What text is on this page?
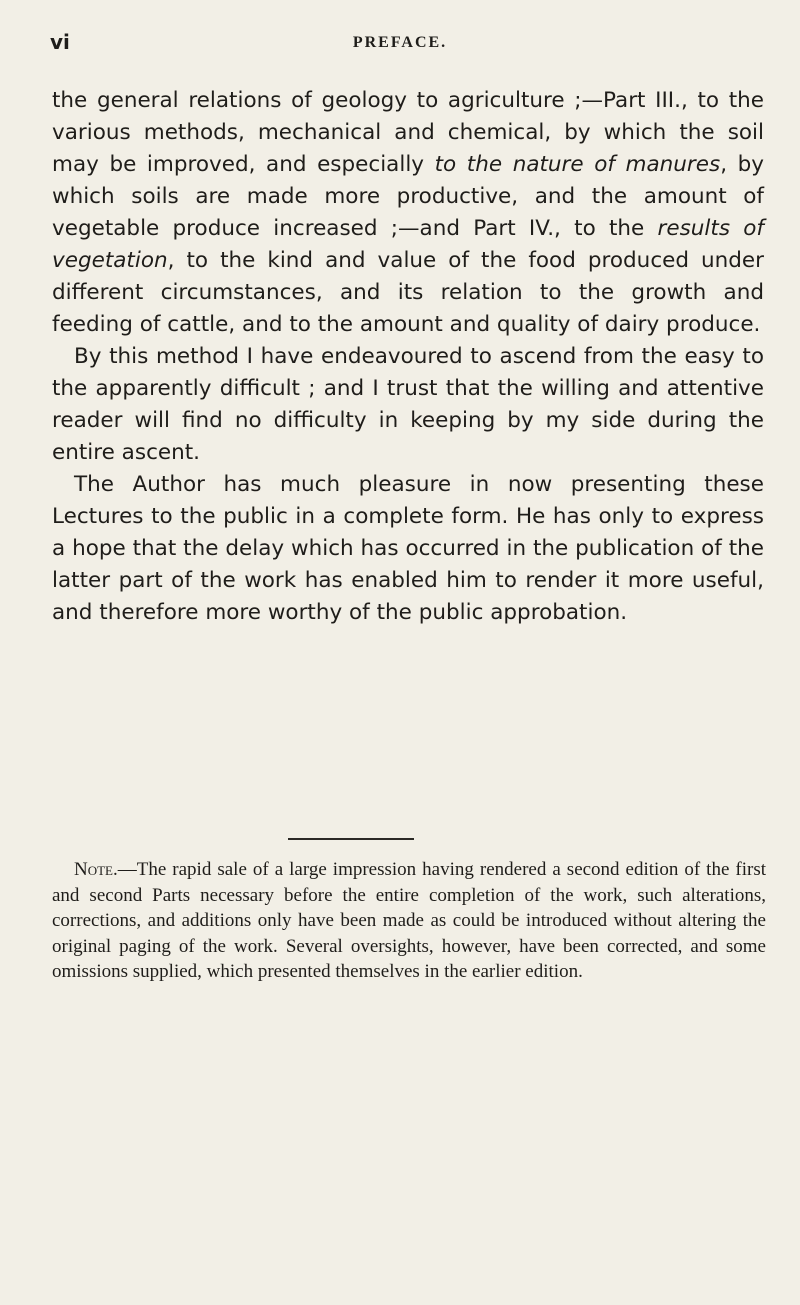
vi	PREFACE.

the general relations of geology to agriculture ;—Part III., to the various methods, mechanical and chemical, by which the soil may be improved, and especially to the nature of manures, by which soils are made more productive, and the amount of vegetable produce increased ;—and Part IV., to the results of vegetation, to the kind and value of the food produced under different circumstances, and its relation to the growth and feeding of cattle, and to the amount and quality of dairy produce.

By this method I have endeavoured to ascend from the easy to the apparently difficult ; and I trust that the willing and attentive reader will find no difficulty in keeping by my side during the entire ascent.

The Author has much pleasure in now presenting these Lectures to the public in a complete form. He has only to express a hope that the delay which has occurred in the publication of the latter part of the work has enabled him to render it more useful, and therefore more worthy of the public approbation.

Note.—The rapid sale of a large impression having rendered a second edition of the first and second Parts necessary before the entire completion of the work, such alterations, corrections, and additions only have been made as could be introduced without altering the original paging of the work. Several oversights, however, have been corrected, and some omissions supplied, which presented themselves in the earlier edition.
